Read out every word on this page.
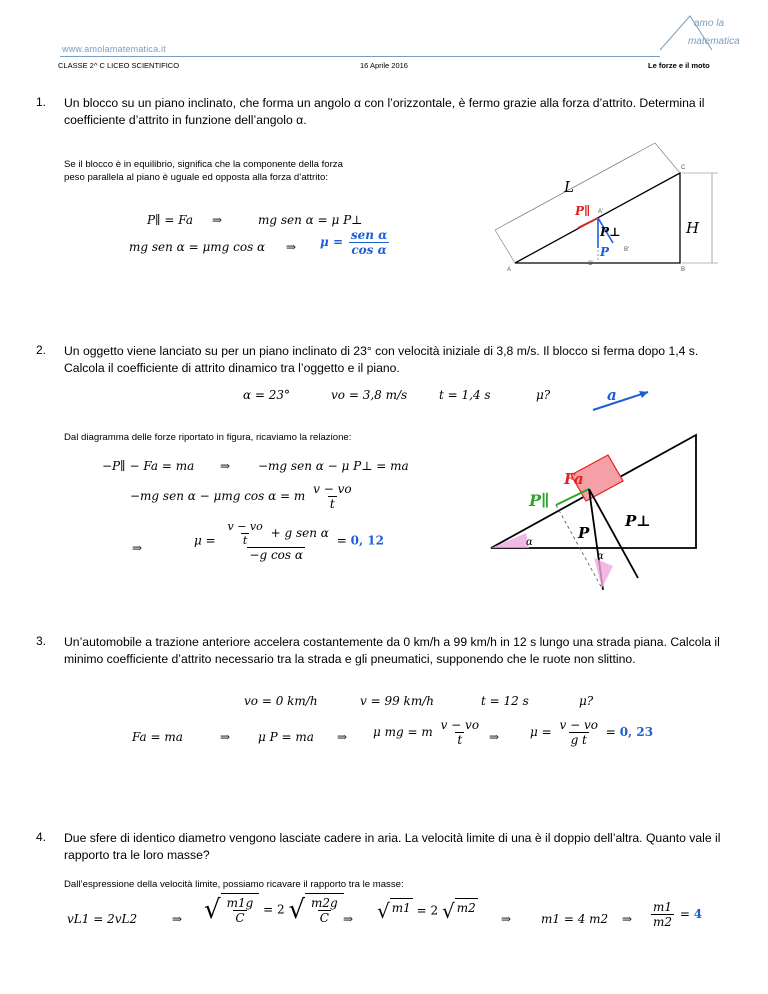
www.amolamatematica.it
CLASSE 2^ C LICEO SCIENTIFICO	16 Aprile 2016	Le forze e il moto
amo la
matematica
1. Un blocco su un piano inclinato, che forma un angolo α con l’orizzontale, è fermo grazie alla forza d’attrito. Determina il coefficiente d’attrito in funzione dell’angolo α.
Se il blocco è in equilibrio, significa che la componente della forza peso parallela al piano è uguale ed opposta alla forza d’attrito:
P∥ = Fa ⇒	mg sen α = μ P⊥
mg sen α = μmg cos α ⇒ $\mu = \frac{\text{sen α}}{\text{cos α}}$
L
H
C
A	B
A'
B'
C'
P∥
P⊥
P
2. Un oggetto viene lanciato su per un piano inclinato di 23° con velocità iniziale di 3,8 m/s. Il blocco si ferma dopo 1,4 s. Calcola il coefficiente di attrito dinamico tra l’oggetto e il piano.
α = 23°	vo = 3,8 m/s	t = 1,4 s	μ?
Dal diagramma delle forze riportato in figura, ricaviamo la relazione:
−P∥ − Fa = ma ⇒ −mg sen α − μ P⊥ = ma
−mg sen α − μmg cos α = m $\frac{v - vo}{t}$
⇒
$\mu = \frac{\frac{v - vo}{t} + g sen \alpha}{\text{−g cos α}} = 0$, 12
a
α
P∥
Fa
α
P
P⊥
3. Un’automobile a trazione anteriore accelera costantemente da 0 km/h a 99 km/h in 12 s lungo una strada piana. Calcola il minimo coefficiente d’attrito necessario tra la strada e gli pneumatici, supponendo che le ruote non slittino.
vo = 0 km/h	v = 99 km/h	t = 12 s	μ?
Fa = ma	⇒ μ P = ma ⇒ μ mg = m $\frac{v - vo}{t}$ ⇒	$\mu = \frac{v - vo}{\text{g t}} = 0$, 23
4. Due sfere di identico diametro vengono lasciate cadere in aria. La velocità limite di una è il doppio dell’altra. Quanto vale il rapporto tra le loro masse?
Dall’espressione della velocità limite, possiamo ricavare il rapporto tra le masse:
vL1 = 2vL2	⇒ √ $\frac{m1g}{C} = 2$ √ $\frac{m2g}{C}$ ⇒ √ m1 = 2 √ m2
⇒ m1 = 4 m2 ⇒ $\frac{m1}{m2} = 4$
